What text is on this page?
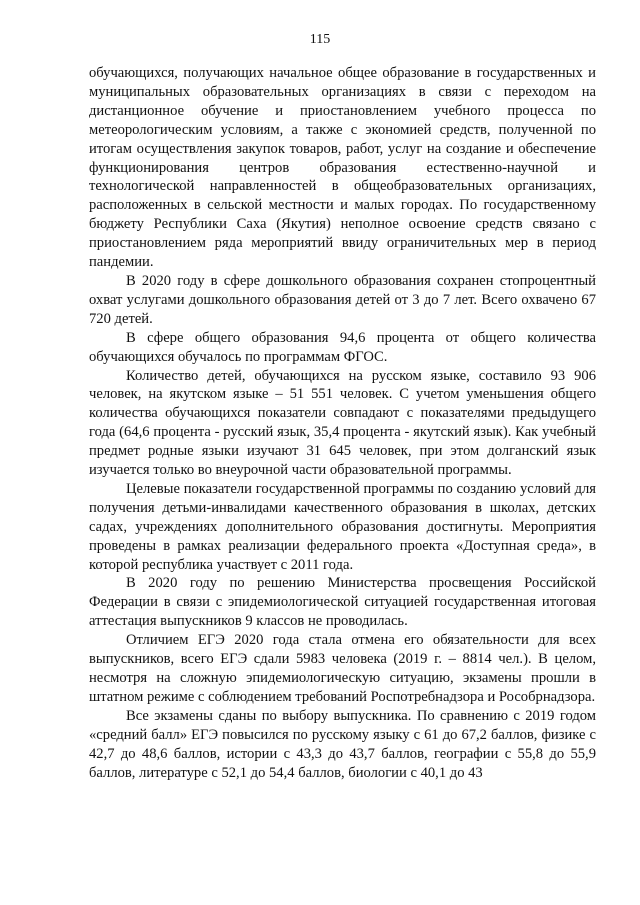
115

обучающихся, получающих начальное общее образование в государственных и муниципальных образовательных организациях в связи с переходом на дистанционное обучение и приостановлением учебного процесса по метеорологическим условиям, а также с экономией средств, полученной по итогам осуществления закупок товаров, работ, услуг на создание и обеспечение функционирования центров образования естественно-научной и технологической направленностей в общеобразовательных организациях, расположенных в сельской местности и малых городах. По государственному бюджету Республики Саха (Якутия) неполное освоение средств связано с приостановлением ряда мероприятий ввиду ограничительных мер в период пандемии.

В 2020 году в сфере дошкольного образования сохранен стопроцентный охват услугами дошкольного образования детей от 3 до 7 лет. Всего охвачено 67 720 детей.

В сфере общего образования 94,6 процента от общего количества обучающихся обучалось по программам ФГОС.

Количество детей, обучающихся на русском языке, составило 93 906 человек, на якутском языке – 51 551 человек. С учетом уменьшения общего количества обучающихся показатели совпадают с показателями предыдущего года (64,6 процента - русский язык, 35,4 процента - якутский язык). Как учебный предмет родные языки изучают 31 645 человек, при этом долганский язык изучается только во внеурочной части образовательной программы.

Целевые показатели государственной программы по созданию условий для получения детьми-инвалидами качественного образования в школах, детских садах, учреждениях дополнительного образования достигнуты. Мероприятия проведены в рамках реализации федерального проекта «Доступная среда», в которой республика участвует с 2011 года.

В 2020 году по решению Министерства просвещения Российской Федерации в связи с эпидемиологической ситуацией государственная итоговая аттестация выпускников 9 классов не проводилась.

Отличием ЕГЭ 2020 года стала отмена его обязательности для всех выпускников, всего ЕГЭ сдали 5983 человека (2019 г. – 8814 чел.). В целом, несмотря на сложную эпидемиологическую ситуацию, экзамены прошли в штатном режиме с соблюдением требований Роспотребнадзора и Рособрнадзора.

Все экзамены сданы по выбору выпускника. По сравнению с 2019 годом «средний балл» ЕГЭ повысился по русскому языку с 61 до 67,2 баллов, физике с 42,7 до 48,6 баллов, истории с 43,3 до 43,7 баллов, географии с 55,8 до 55,9 баллов, литературе с 52,1 до 54,4 баллов, биологии с 40,1 до 43
